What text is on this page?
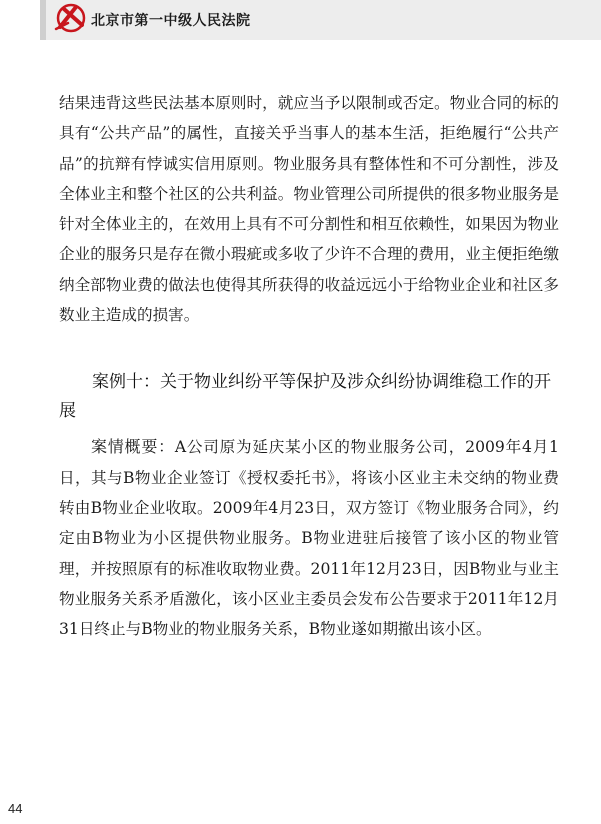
北京市第一中级人民法院

结果违背这些民法基本原则时，就应当予以限制或否定。物业合同的标的具有“公共产品”的属性，直接关乎当事人的基本生活，拒绝履行“公共产品”的抗辩有悖诚实信用原则。物业服务具有整体性和不可分割性，涉及全体业主和整个社区的公共利益。物业管理公司所提供的很多物业服务是针对全体业主的，在效用上具有不可分割性和相互依赖性，如果因为物业企业的服务只是存在微小瑕疵或多收了少许不合理的费用，业主便拒绝缴纳全部物业费的做法也使得其所获得的收益远远小于给物业企业和社区多数业主造成的损害。

案例十：关于物业纠纷平等保护及涉众纠纷协调维稳工作的开展

案情概要：A公司原为延庆某小区的物业服务公司，2009年4月1日，其与B物业企业签订《授权委托书》，将该小区业主未交纳的物业费转由B物业企业收取。2009年4月23日，双方签订《物业服务合同》，约定由B物业为小区提供物业服务。B物业进驻后接管了该小区的物业管理，并按照原有的标准收取物业费。2011年12月23日，因B物业与业主物业服务关系矛盾激化，该小区业主委员会发布公告要求于2011年12月31日终止与B物业的物业服务关系，B物业遂如期撤出该小区。

44
